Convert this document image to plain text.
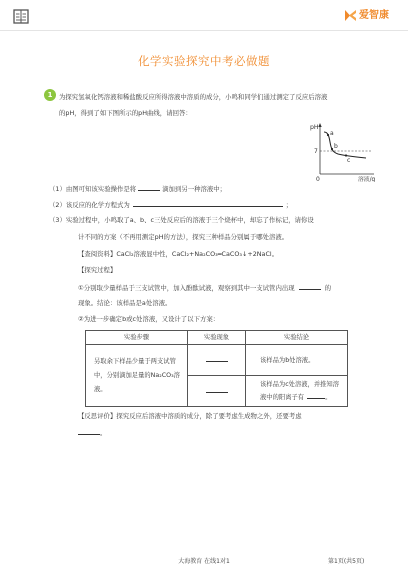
爱智康
化学实验探究中考必做题
1	为探究氢氧化钙溶液和稀盐酸反应所得溶液中溶质的成分，小鸣和同学们通过测定了反应后溶液
的pH，得到了如下图所示的pH曲线，请回答：
pH
7
0
a
b
c
溶液/g
（1）由图可知该实验操作是将	滴加到另一种溶液中；
（2）该反应的化学方程式为	；
（3）实验过程中，小鸣取了a、b、c三处反应后的溶液于三个烧杯中，却忘了作标记，请你设
计不同的方案（不再用测定pH的方法），探究三种样品分别属于哪处溶液。
【查阅资料】CaCl₂溶液显中性，CaCl₂+Na₂CO₃═CaCO₃↓+2NaCl。
【探究过程】
①分别取少量样品于三支试管中，加入酚酞试液，观察到其中一支试管内出现	的
现象。结论：该样品是a处溶液。
②为进一步确定b或c处溶液，又设计了以下方案：
实验步骤	实验现象	实验结论

另取余下样品少量于两支试管
中，分别滴加足量的Na₂CO₃溶
液。		该样品为b处溶液。

		该样品为c处溶液，并推知溶
液中的阳离子有 。
【反思评价】探究反应后溶液中溶质的成分，除了要考虑生成物之外，还要考虑
。
大海教育 在线1对1	第1页(共5页)
